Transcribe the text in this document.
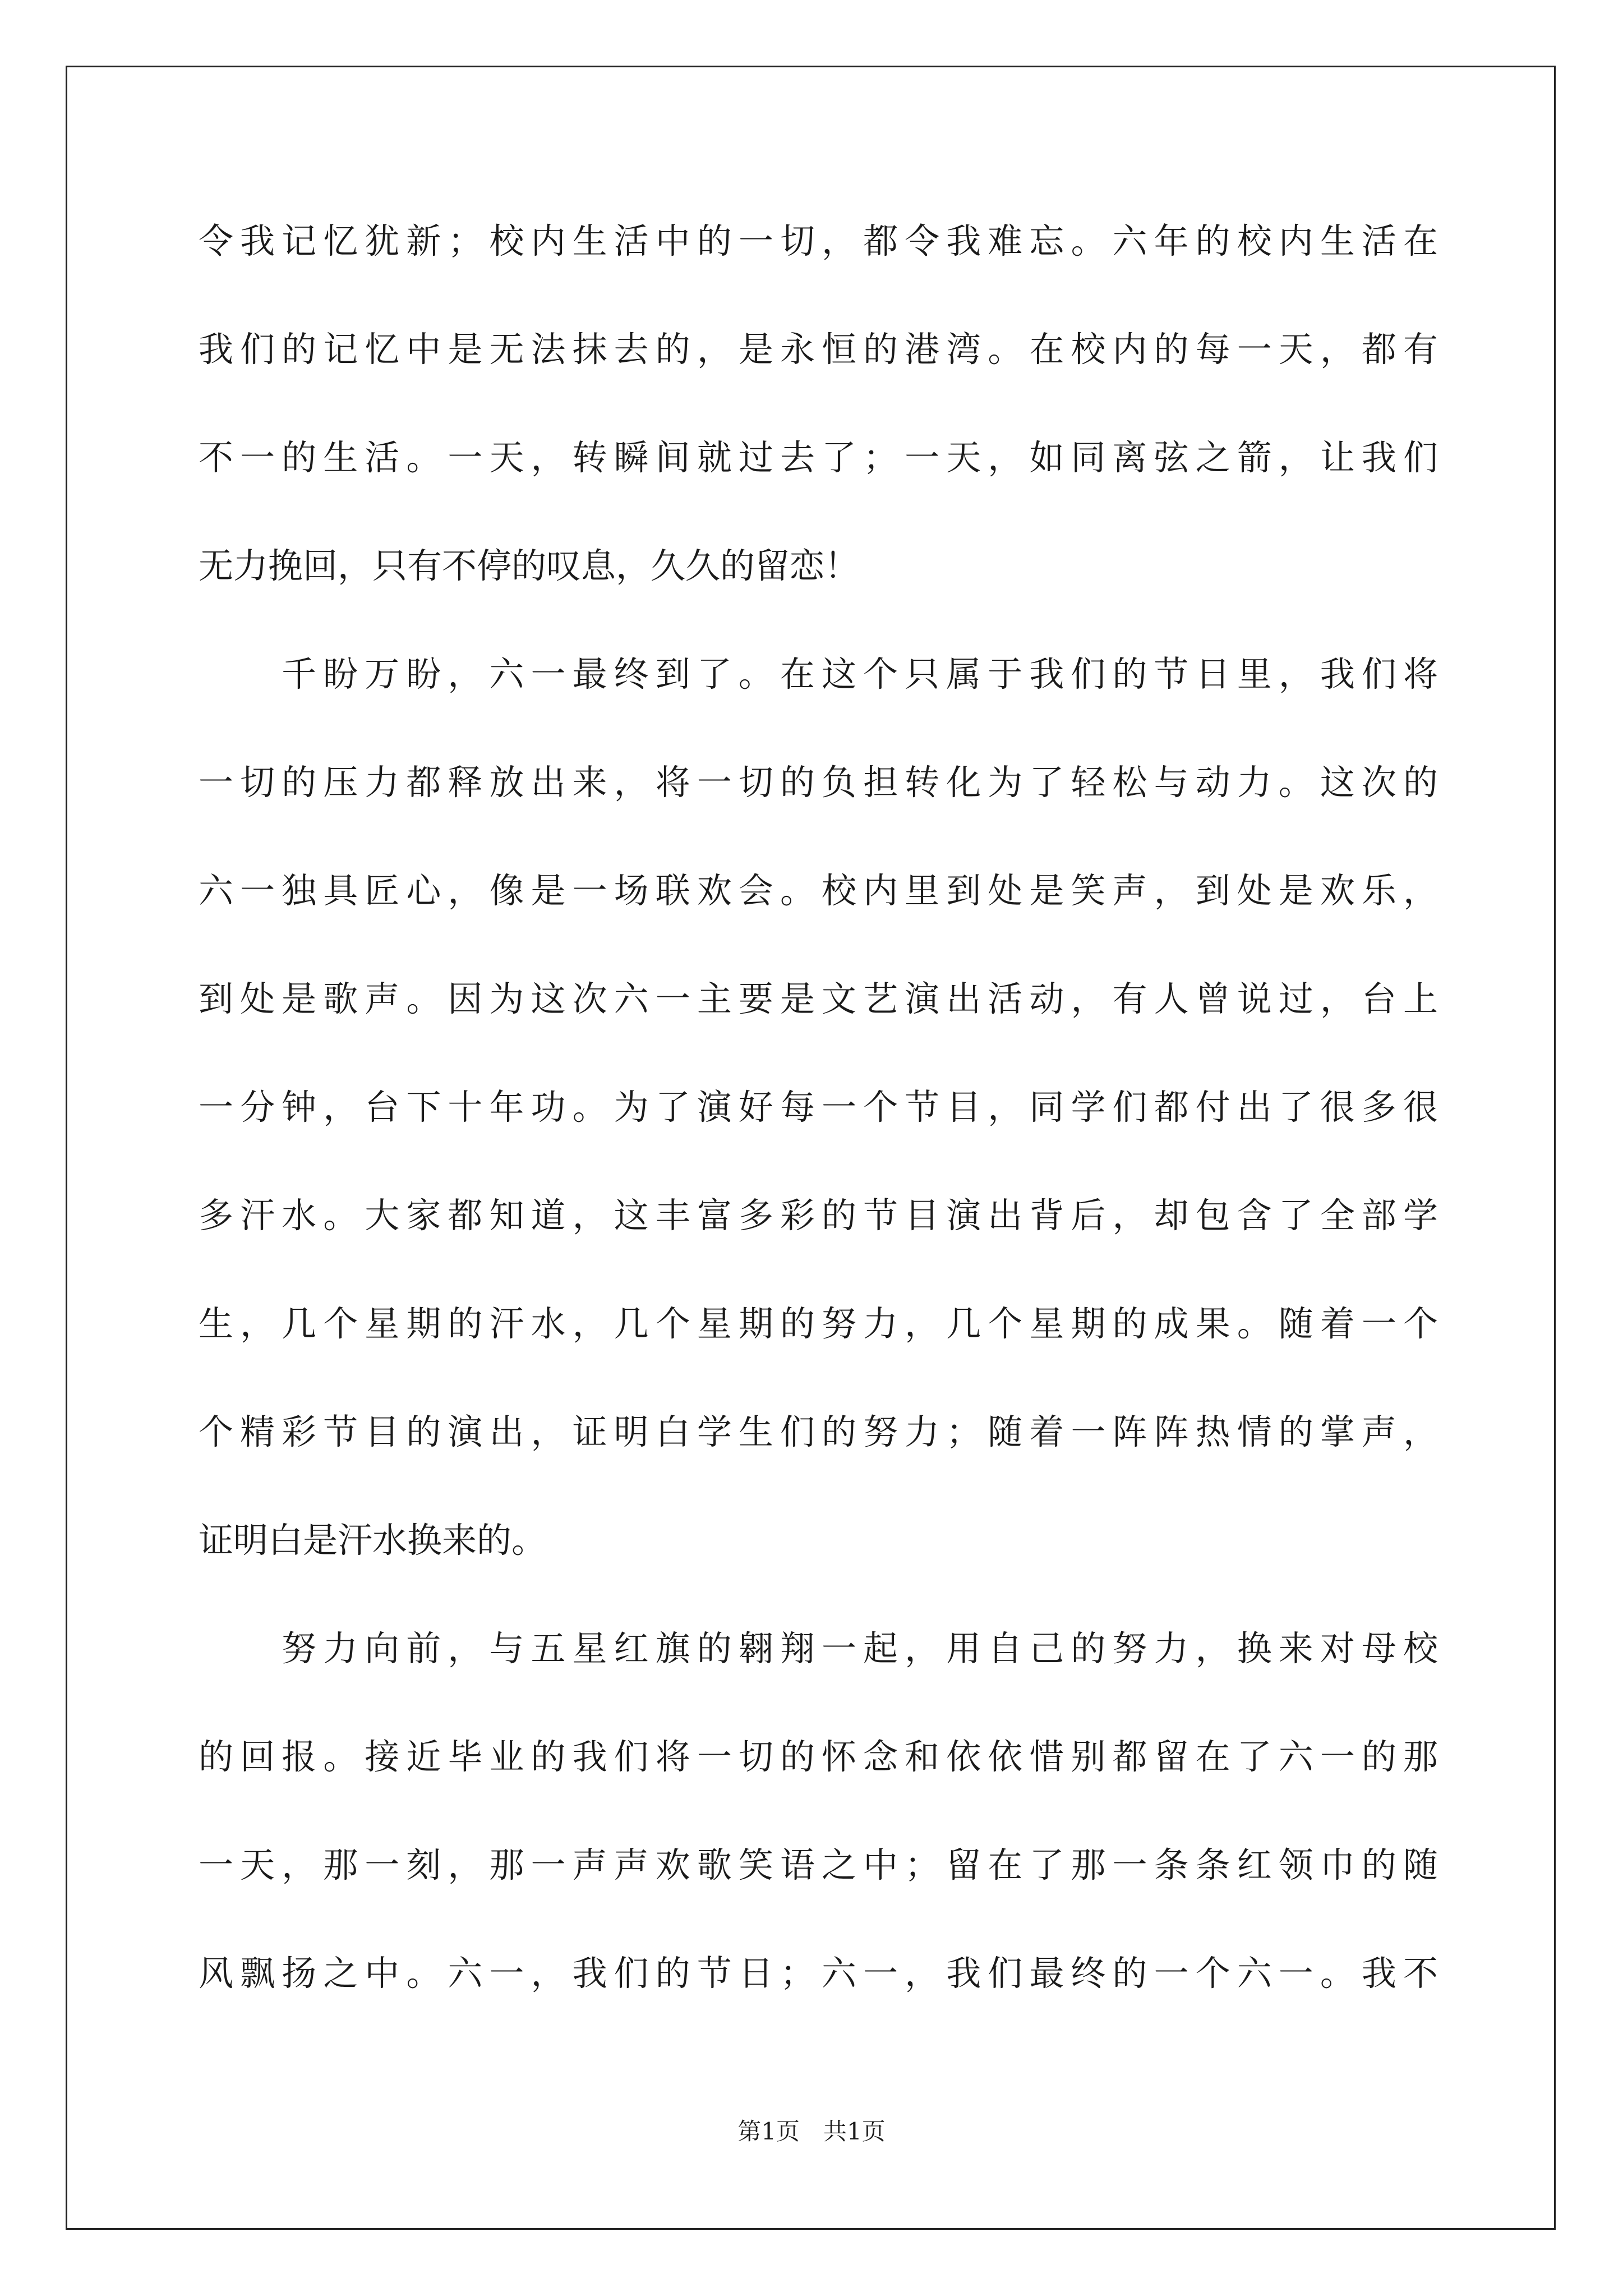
令我记忆犹新；校内生活中的一切，都令我难忘。六年的校内生活在
我们的记忆中是无法抹去的，是永恒的港湾。在校内的每一天，都有
不一的生活。一天，转瞬间就过去了；一天，如同离弦之箭，让我们
无力挽回，只有不停的叹息，久久的留恋！
千盼万盼，六一最终到了。在这个只属于我们的节日里，我们将
一切的压力都释放出来，将一切的负担转化为了轻松与动力。这次的
六一独具匠心，像是一场联欢会。校内里到处是笑声，到处是欢乐，
到处是歌声。因为这次六一主要是文艺演出活动，有人曾说过，台上
一分钟，台下十年功。为了演好每一个节目，同学们都付出了很多很
多汗水。大家都知道，这丰富多彩的节目演出背后，却包含了全部学
生，几个星期的汗水，几个星期的努力，几个星期的成果。随着一个
个精彩节目的演出，证明白学生们的努力；随着一阵阵热情的掌声，
证明白是汗水换来的。
努力向前，与五星红旗的翱翔一起，用自己的努力，换来对母校
的回报。接近毕业的我们将一切的怀念和依依惜别都留在了六一的那
一天，那一刻，那一声声欢歌笑语之中；留在了那一条条红领巾的随
风飘扬之中。六一，我们的节日；六一，我们最终的一个六一。我不
第1页　共1页
